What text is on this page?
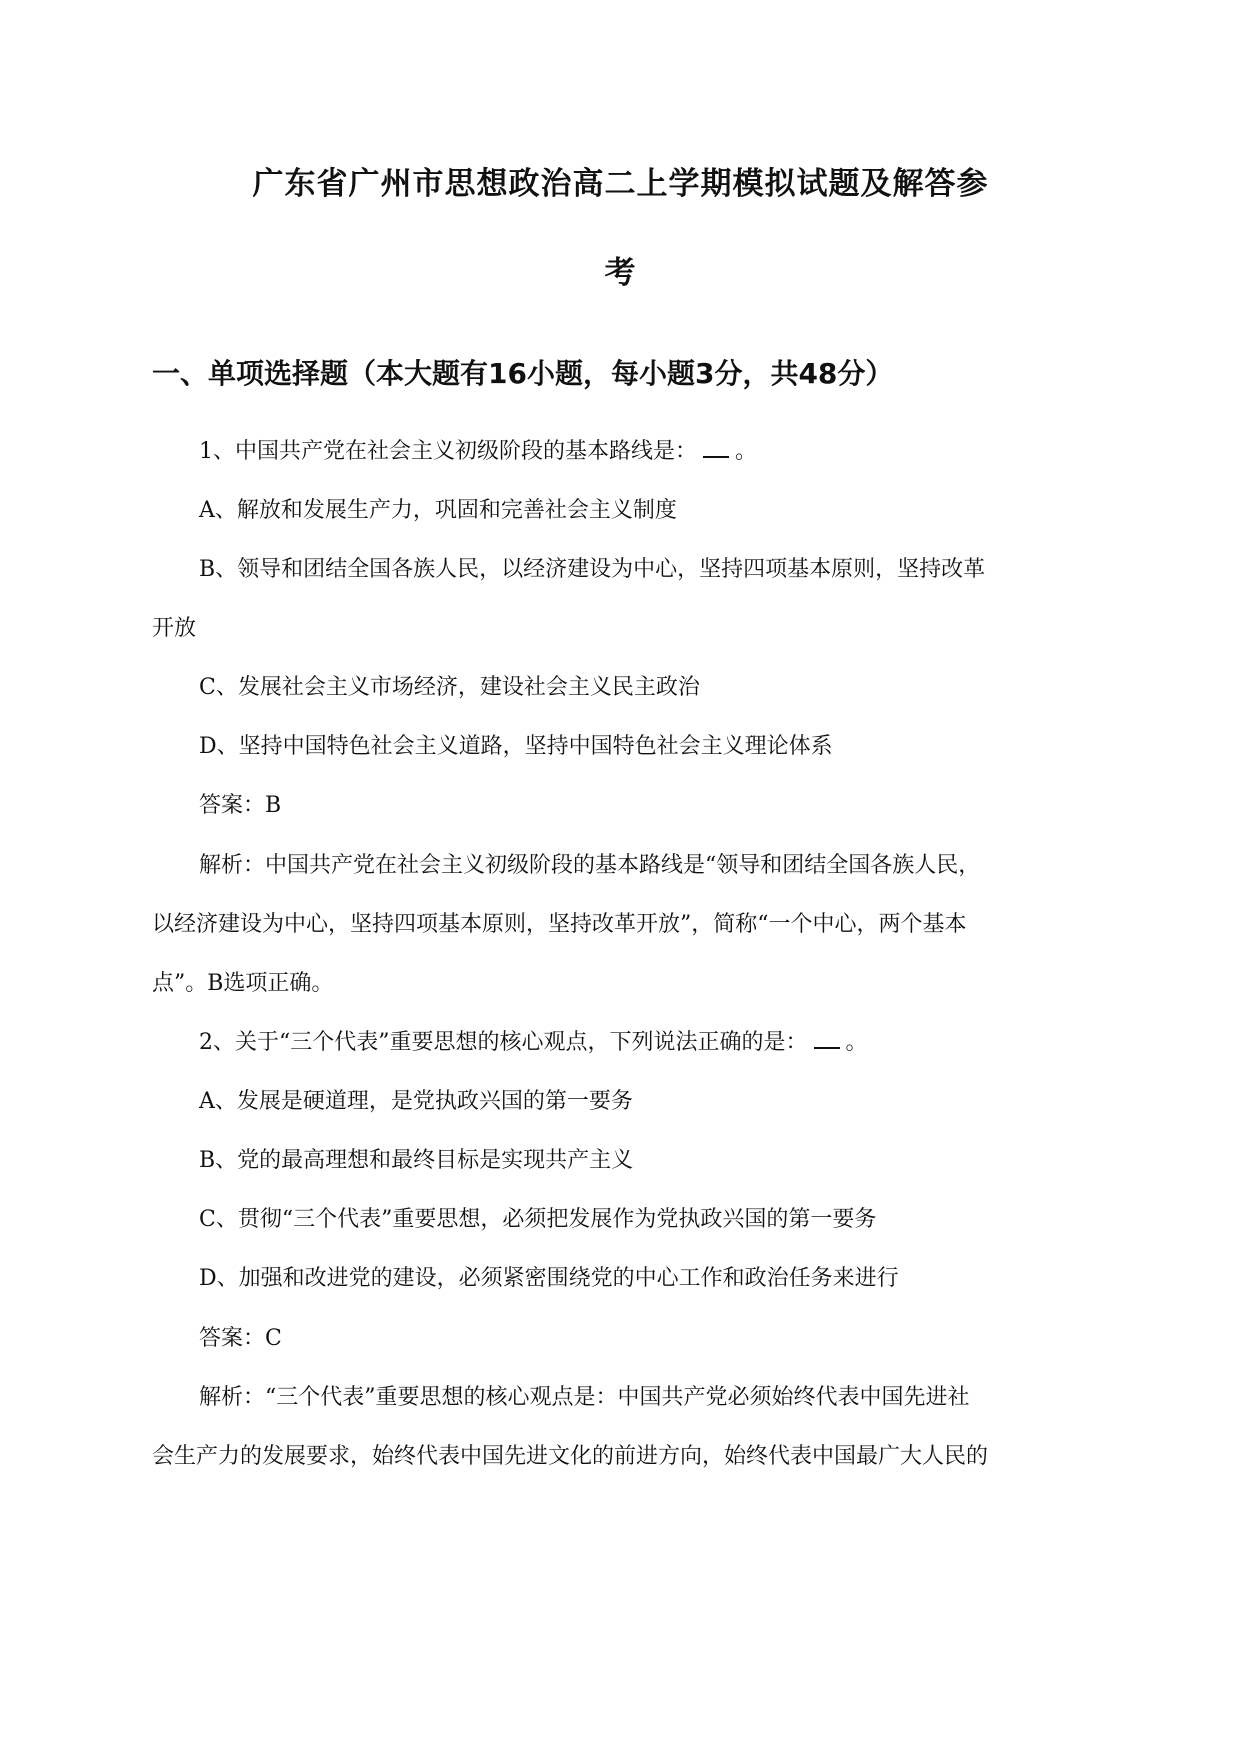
广东省广州市思想政治高二上学期模拟试题及解答参
考
一、单项选择题（本大题有16小题，每小题3分，共48分）
1、中国共产党在社会主义初级阶段的基本路线是： 。
A、解放和发展生产力，巩固和完善社会主义制度
B、领导和团结全国各族人民，以经济建设为中心，坚持四项基本原则，坚持改革
开放
C、发展社会主义市场经济，建设社会主义民主政治
D、坚持中国特色社会主义道路，坚持中国特色社会主义理论体系
答案：B
解析：中国共产党在社会主义初级阶段的基本路线是“领导和团结全国各族人民，
以经济建设为中心，坚持四项基本原则，坚持改革开放”，简称“一个中心，两个基本
点”。B选项正确。
2、关于“三个代表”重要思想的核心观点，下列说法正确的是： 。
A、发展是硬道理，是党执政兴国的第一要务
B、党的最高理想和最终目标是实现共产主义
C、贯彻“三个代表”重要思想，必须把发展作为党执政兴国的第一要务
D、加强和改进党的建设，必须紧密围绕党的中心工作和政治任务来进行
答案：C
解析：“三个代表”重要思想的核心观点是：中国共产党必须始终代表中国先进社
会生产力的发展要求，始终代表中国先进文化的前进方向，始终代表中国最广大人民的
